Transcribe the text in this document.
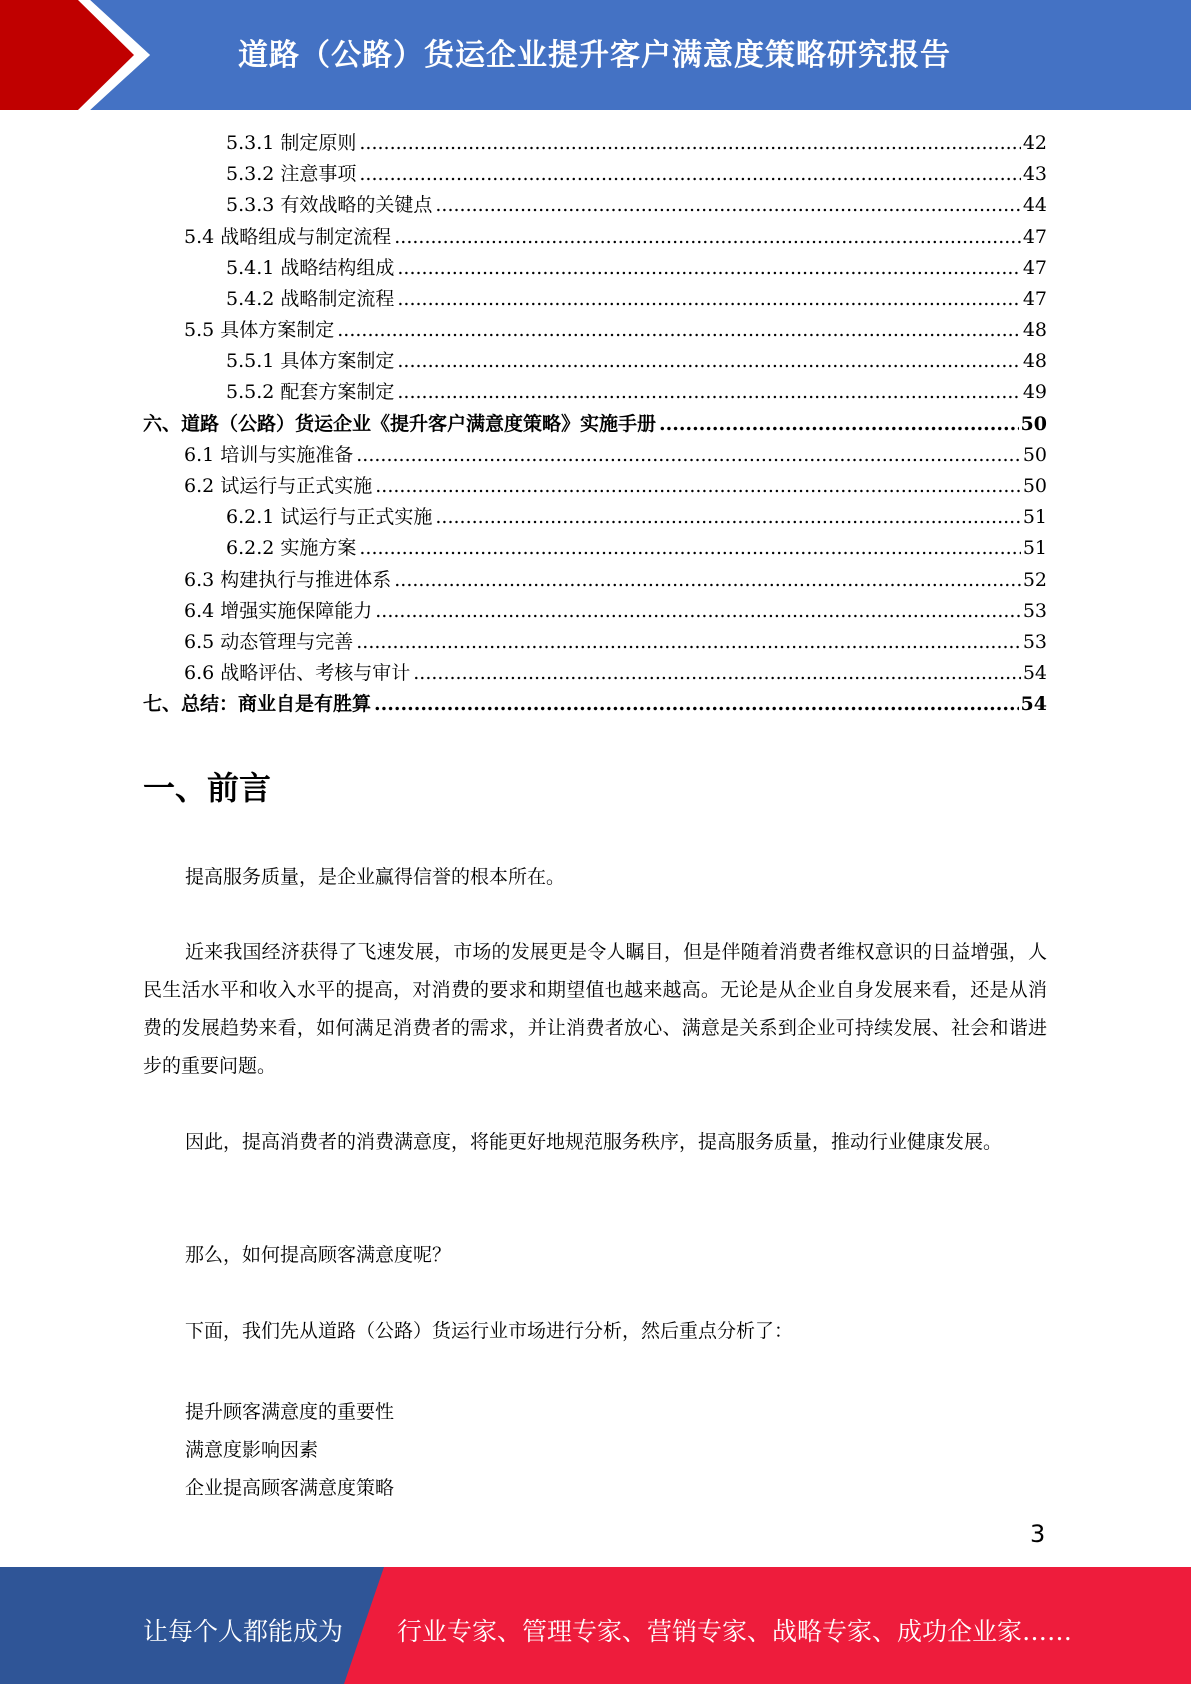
道路（公路）货运企业提升客户满意度策略研究报告
5.3.1 制定原则 .....	42
5.3.2 注意事项 .....	43
5.3.3 有效战略的关键点 .....	44
5.4 战略组成与制定流程 .....	47
5.4.1 战略结构组成 .....	47
5.4.2 战略制定流程 .....	47
5.5 具体方案制定 .....	48
5.5.1 具体方案制定 .....	48
5.5.2 配套方案制定 .....	49
六、道路（公路）货运企业《提升客户满意度策略》实施手册 .....	50
6.1 培训与实施准备 .....	50
6.2 试运行与正式实施 .....	50
6.2.1 试运行与正式实施 .....	51
6.2.2 实施方案 .....	51
6.3 构建执行与推进体系 .....	52
6.4 增强实施保障能力 .....	53
6.5 动态管理与完善 .....	53
6.6 战略评估、考核与审计 .....	54
七、总结：商业自是有胜算 .....	54
一、前言
提高服务质量，是企业赢得信誉的根本所在。
近来我国经济获得了飞速发展，市场的发展更是令人瞩目，但是伴随着消费者维权意识的日益增强，人民生活水平和收入水平的提高，对消费的要求和期望值也越来越高。无论是从企业自身发展来看，还是从消费的发展趋势来看，如何满足消费者的需求，并让消费者放心、满意是关系到企业可持续发展、社会和谐进步的重要问题。
因此，提高消费者的消费满意度，将能更好地规范服务秩序，提高服务质量，推动行业健康发展。
那么，如何提高顾客满意度呢？
下面，我们先从道路（公路）货运行业市场进行分析，然后重点分析了：
提升顾客满意度的重要性
满意度影响因素
企业提高顾客满意度策略
3
让每个人都能成为 行业专家、管理专家、营销专家、战略专家、成功企业家……
